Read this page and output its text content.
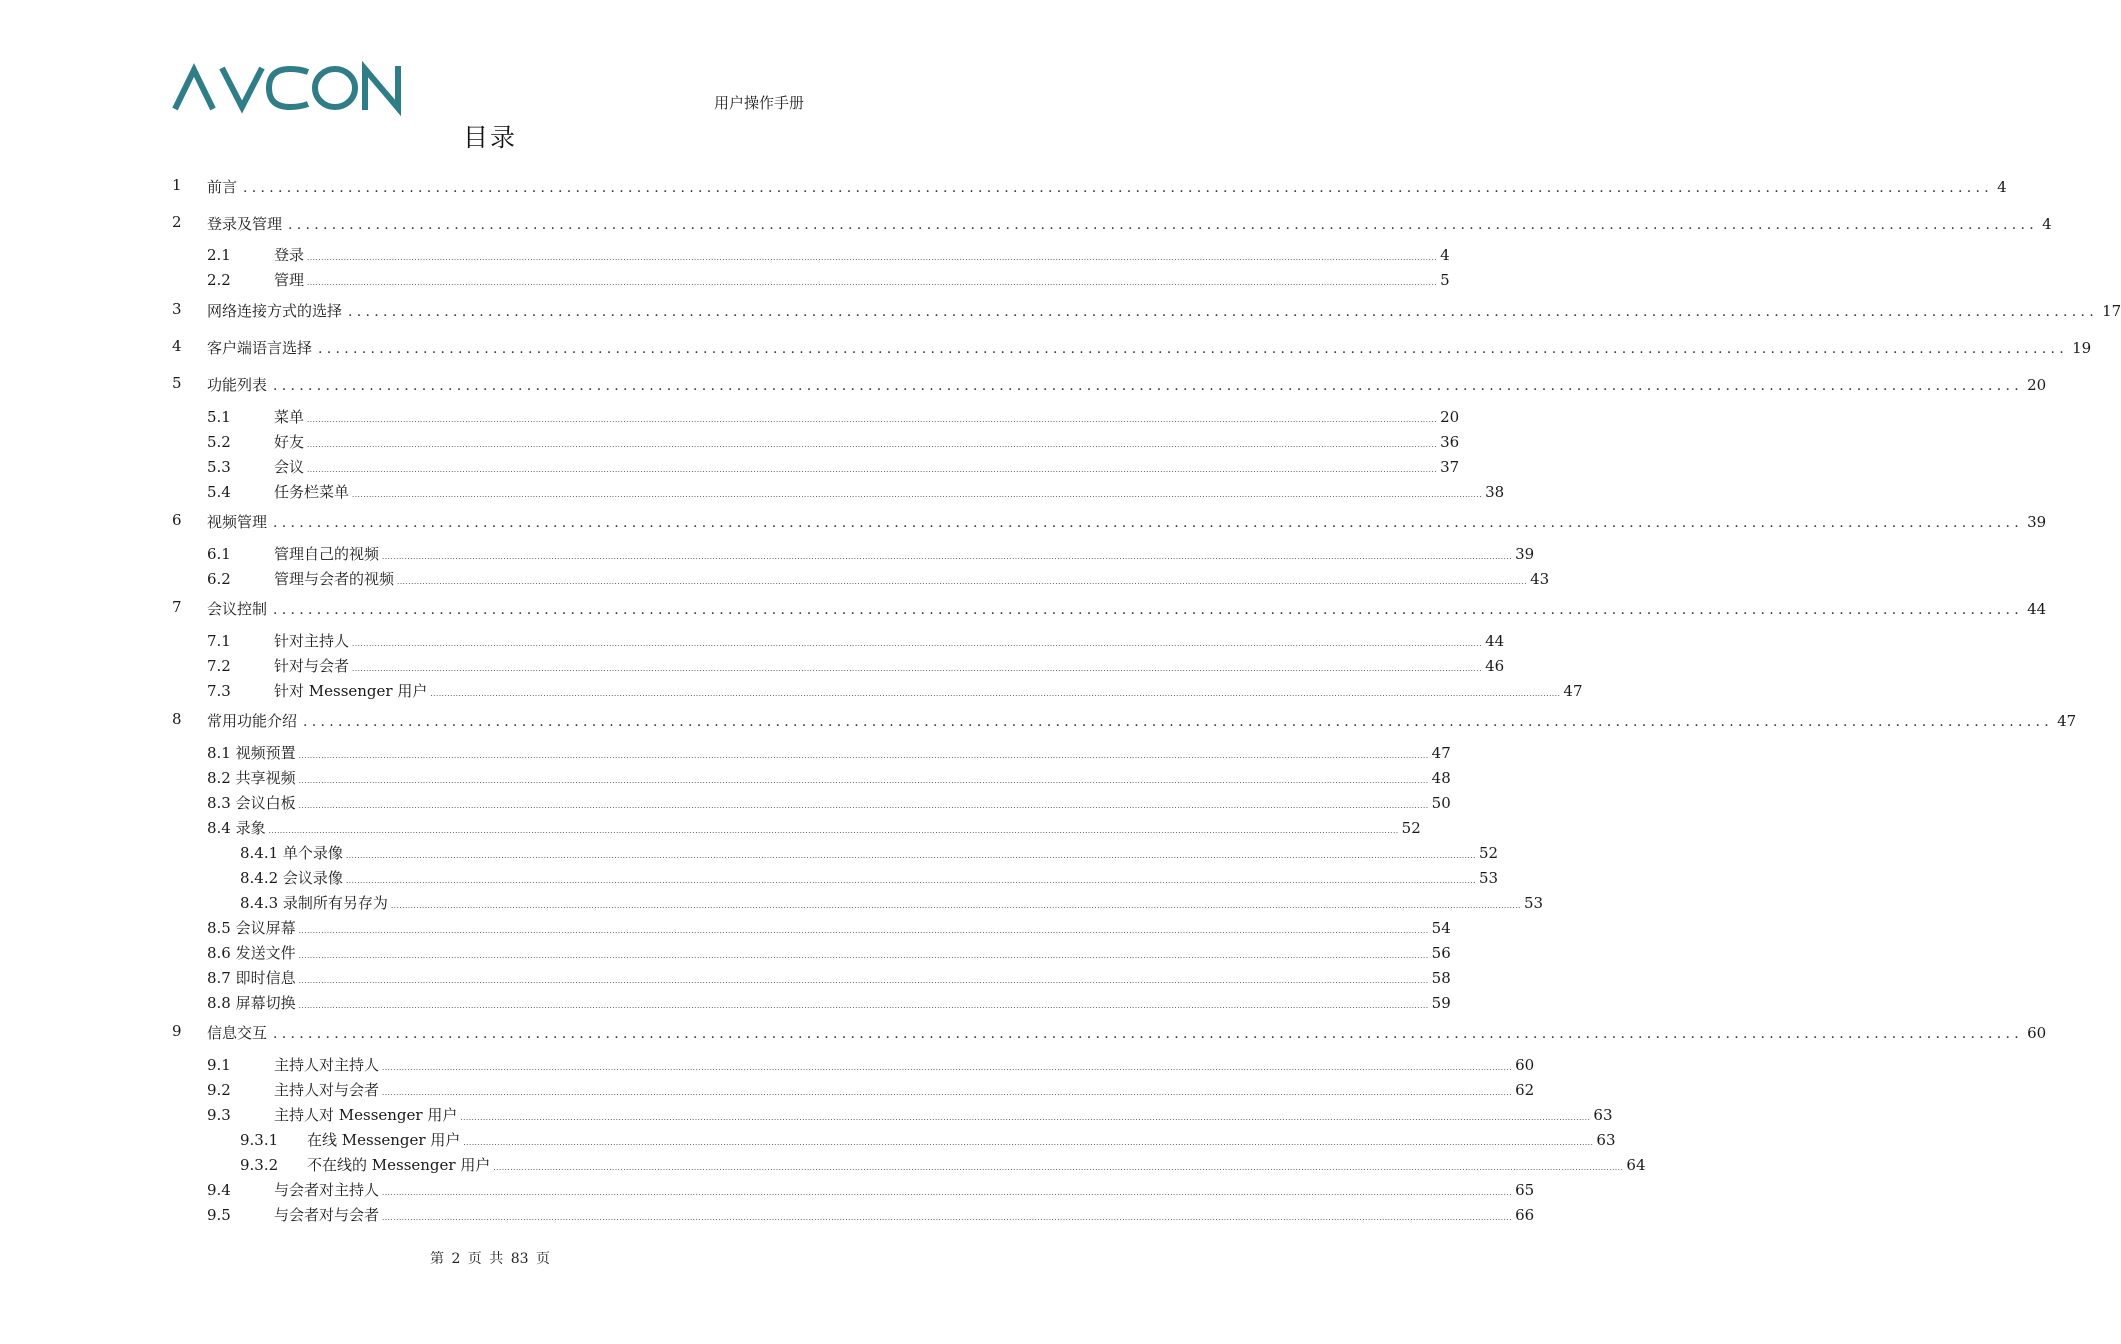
用户操作手册
目录
1 前言 ........................................................................................................................................................................................................ 4
2 登录及管理 ........................................................................................................................................................................................................ 4
2.1	登录 ................................................................................................................................................................................................................................................................................................................................................................................................................ 4
2.2	管理 ................................................................................................................................................................................................................................................................................................................................................................................................................ 5
3 网络连接方式的选择 ........................................................................................................................................................................................................ 17
4 客户端语言选择 ........................................................................................................................................................................................................ 19
5 功能列表 ........................................................................................................................................................................................................ 20
5.1	菜单 ................................................................................................................................................................................................................................................................................................................................................................................................................ 20
5.2	好友 ................................................................................................................................................................................................................................................................................................................................................................................................................ 36
5.3	会议 ................................................................................................................................................................................................................................................................................................................................................................................................................ 37
5.4	任务栏菜单 ................................................................................................................................................................................................................................................................................................................................................................................................................ 38
6 视频管理 ........................................................................................................................................................................................................ 39
6.1	管理自己的视频 ................................................................................................................................................................................................................................................................................................................................................................................................................ 39
6.2	管理与会者的视频 ................................................................................................................................................................................................................................................................................................................................................................................................................ 43
7 会议控制 ........................................................................................................................................................................................................ 44
7.1	针对主持人 ................................................................................................................................................................................................................................................................................................................................................................................................................ 44
7.2	针对与会者 ................................................................................................................................................................................................................................................................................................................................................................................................................ 46
7.3	针对 Messenger 用户 ................................................................................................................................................................................................................................................................................................................................................................................................................ 47
8 常用功能介绍 ........................................................................................................................................................................................................ 47
8.1 视频预置 ................................................................................................................................................................................................................................................................................................................................................................................................................ 47
8.2 共享视频 ................................................................................................................................................................................................................................................................................................................................................................................................................ 48
8.3 会议白板 ................................................................................................................................................................................................................................................................................................................................................................................................................ 50
8.4 录象 ................................................................................................................................................................................................................................................................................................................................................................................................................ 52
8.4.1 单个录像 ................................................................................................................................................................................................................................................................................................................................................................................................................ 52
8.4.2 会议录像 ................................................................................................................................................................................................................................................................................................................................................................................................................ 53
8.4.3 录制所有另存为 ................................................................................................................................................................................................................................................................................................................................................................................................................ 53
8.5 会议屏幕 ................................................................................................................................................................................................................................................................................................................................................................................................................ 54
8.6 发送文件 ................................................................................................................................................................................................................................................................................................................................................................................................................ 56
8.7 即时信息 ................................................................................................................................................................................................................................................................................................................................................................................................................ 58
8.8 屏幕切换 ................................................................................................................................................................................................................................................................................................................................................................................................................ 59
9 信息交互 ........................................................................................................................................................................................................ 60
9.1	主持人对主持人 ................................................................................................................................................................................................................................................................................................................................................................................................................ 60
9.2	主持人对与会者 ................................................................................................................................................................................................................................................................................................................................................................................................................ 62
9.3	主持人对 Messenger 用户 ................................................................................................................................................................................................................................................................................................................................................................................................................ 63
9.3.1	在线 Messenger 用户 ................................................................................................................................................................................................................................................................................................................................................................................................................ 63
9.3.2	不在线的 Messenger 用户 ................................................................................................................................................................................................................................................................................................................................................................................................................ 64
9.4	与会者对主持人 ................................................................................................................................................................................................................................................................................................................................................................................................................ 65
9.5	与会者对与会者 ................................................................................................................................................................................................................................................................................................................................................................................................................ 66
第 2 页 共 83 页
